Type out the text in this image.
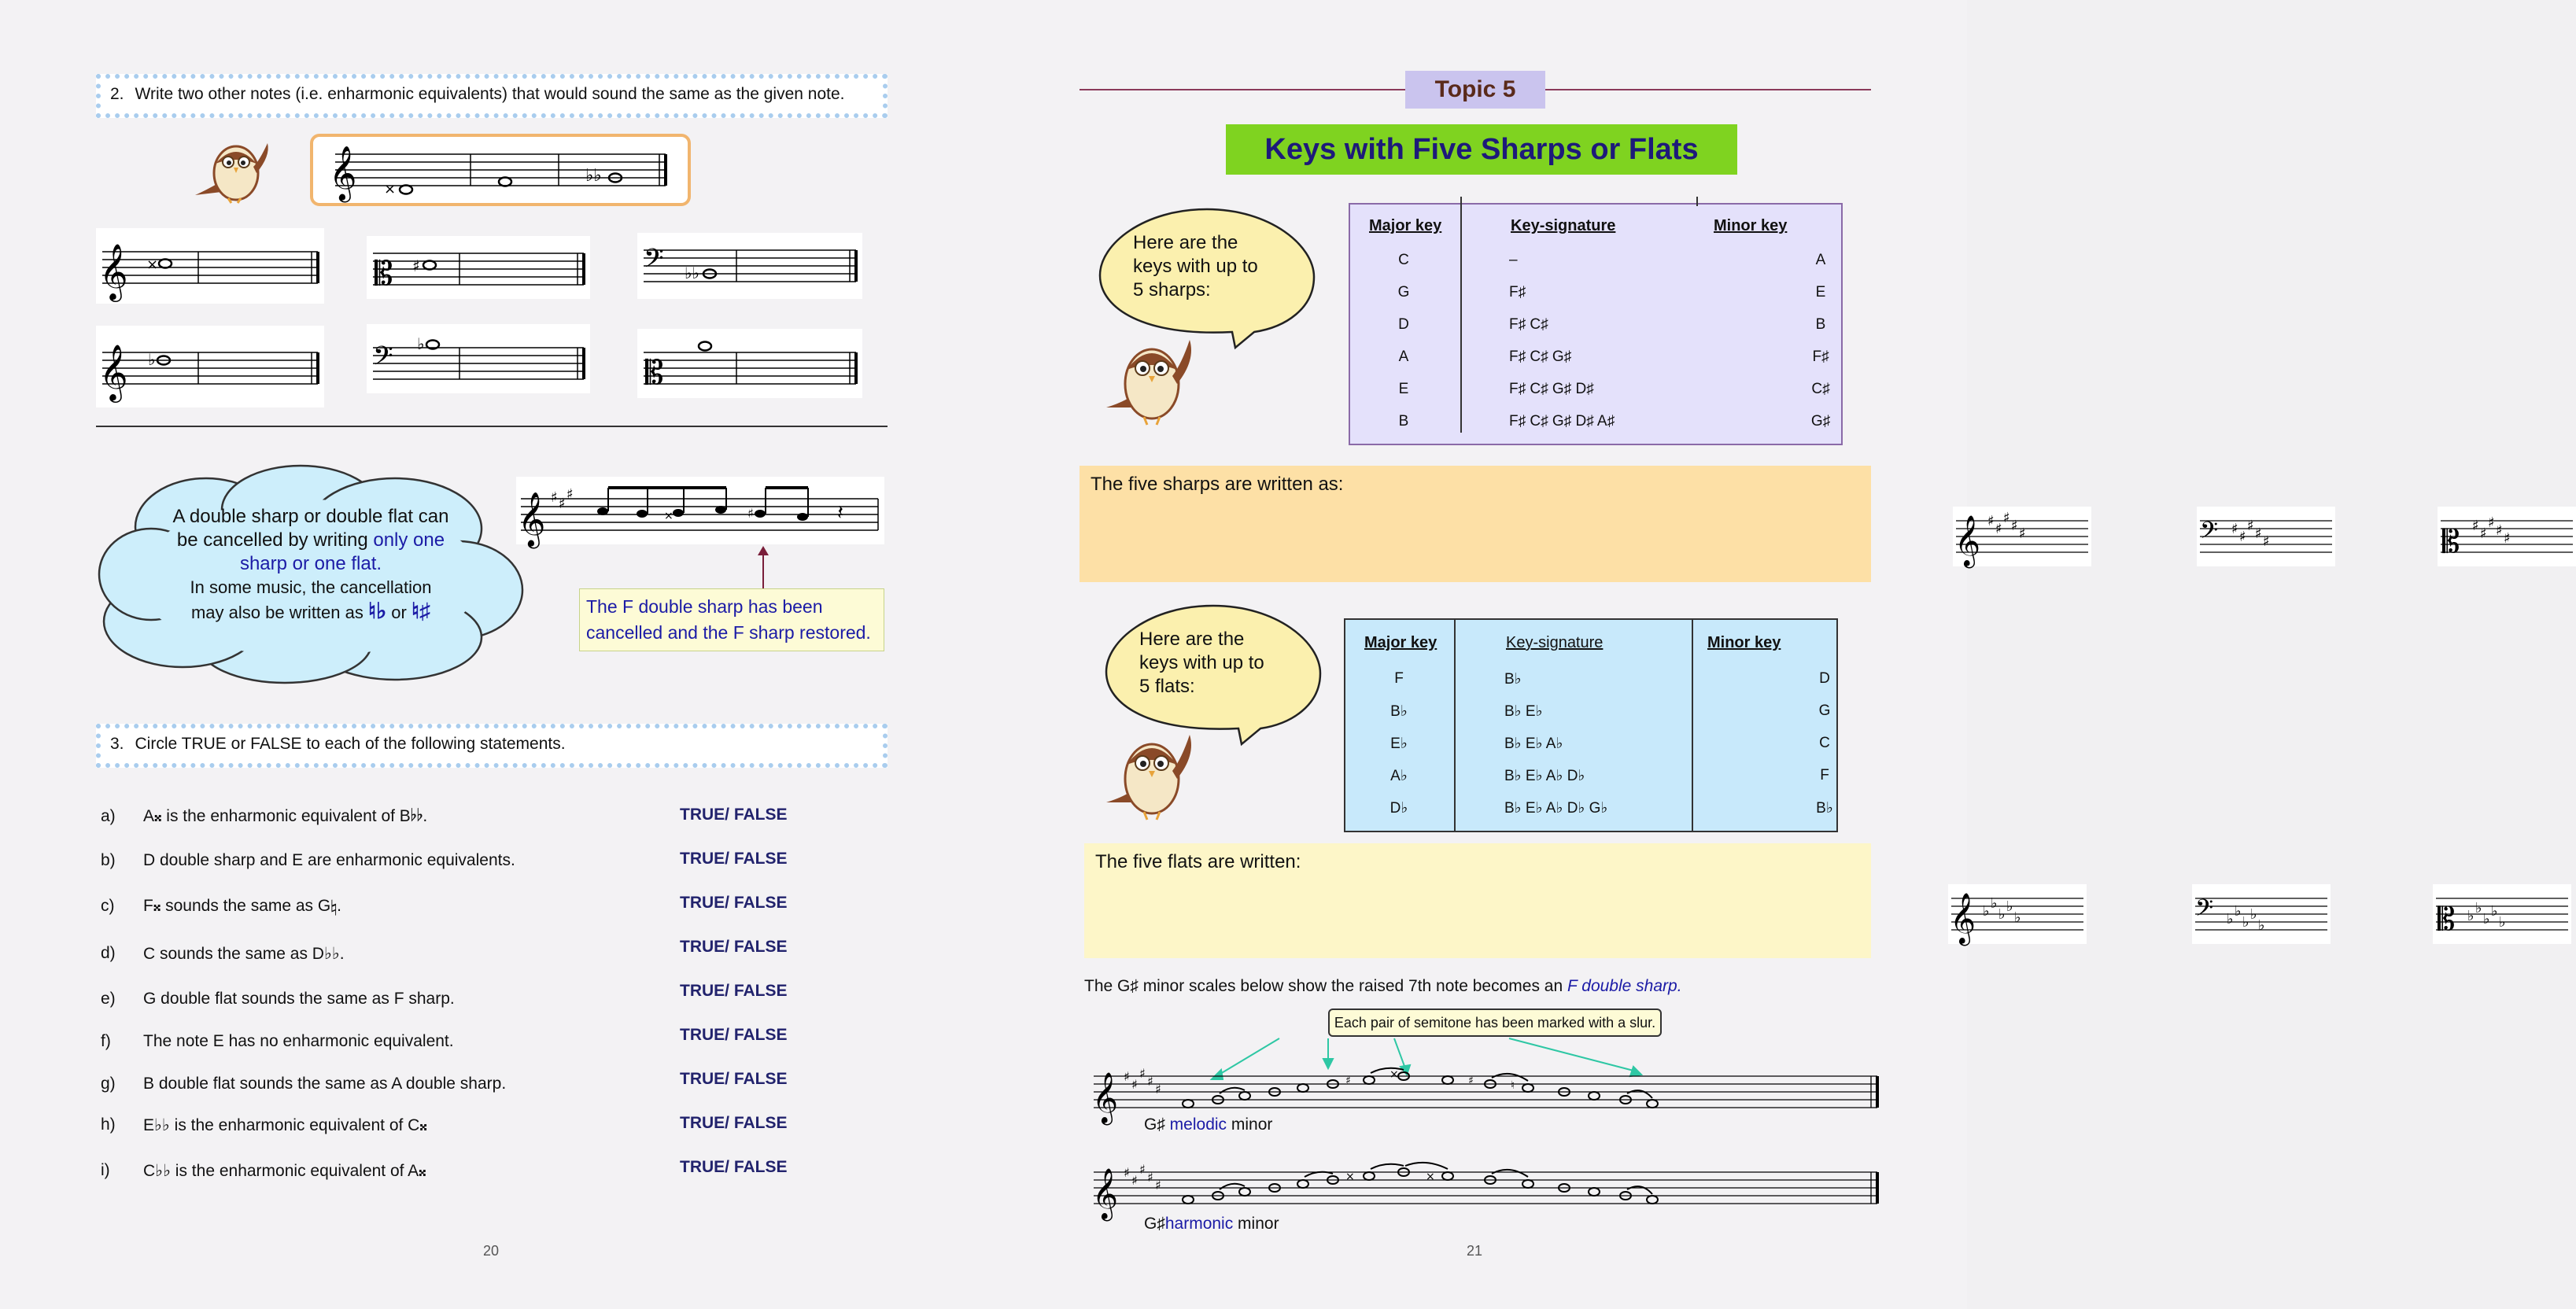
2. Write two other notes (i.e. enharmonic equivalents) that would sound the same as the given note.
𝄞 ×
♭♭
𝄞 ×	𝄡 ♯	𝄢 ♭♭
𝄞 ♭	𝄢 ♭
𝄡
A double sharp or double flat can
be cancelled by writing only one
sharp or one flat.
In some music, the cancellation
may also be written as ♮♭ or ♮♯
𝄞 ♯ ♯
♯
×	♯	𝄽
The F double sharp has been
cancelled and the F sharp restored.
3. Circle TRUE or FALSE to each of the following statements.
a) A𝄪 is the enharmonic equivalent of B♭♭.	TRUE/ FALSE
b) D double sharp and E are enharmonic equivalents.	TRUE/ FALSE
c) F𝄪 sounds the same as G♮.	TRUE/ FALSE
d) C sounds the same as D♭♭.	TRUE/ FALSE
e) G double flat sounds the same as F sharp.	TRUE/ FALSE
f) The note E has no enharmonic equivalent.	TRUE/ FALSE
g) B double flat sounds the same as A double sharp.	TRUE/ FALSE
h) E♭♭ is the enharmonic equivalent of C𝄪	TRUE/ FALSE
i) C♭♭ is the enharmonic equivalent of A𝄪	TRUE/ FALSE
20
Topic 5
Keys with Five Sharps or Flats
Here are the
keys with up to
5 sharps:
Major key	Key-signature	Minor key
C	–	A
G	F♯	E
D	F♯ C♯	B
A	F♯ C♯ G♯	F♯
E	F♯ C♯ G♯ D♯	C♯
B	F♯ C♯ G♯ D♯ A♯	G♯
The five sharps are written as:
𝄞 ♯ ♯
♯ ♯ ♯	𝄢 ♯ ♯
♯ ♯ ♯	𝄡 ♯ ♯
♯ ♯ ♯
Here are the
keys with up to
5 flats:
Major key	Key-signature	Minor key
F	B♭	D
B♭	B♭ E♭	G
E♭	B♭ E♭ A♭	C
A♭	B♭ E♭ A♭ D♭	F
D♭	B♭ E♭ A♭ D♭ G♭	B♭
The five flats are written:
𝄞 ♭ ♭
♭ ♭
♭	𝄢 ♭ ♭
♭ ♭
♭	𝄡 ♭ ♭
♭ ♭
♭
The G♯ minor scales below show the raised 7th note becomes an F double sharp.
Each pair of semitone has been marked with a slur.
𝄞 ♯
♯
♯
♯
♯
♯	×	♯	♮
𝄞 ♯
♯
♯
♯
♯
×	×
G♯ melodic minor
G♯harmonic minor
21
